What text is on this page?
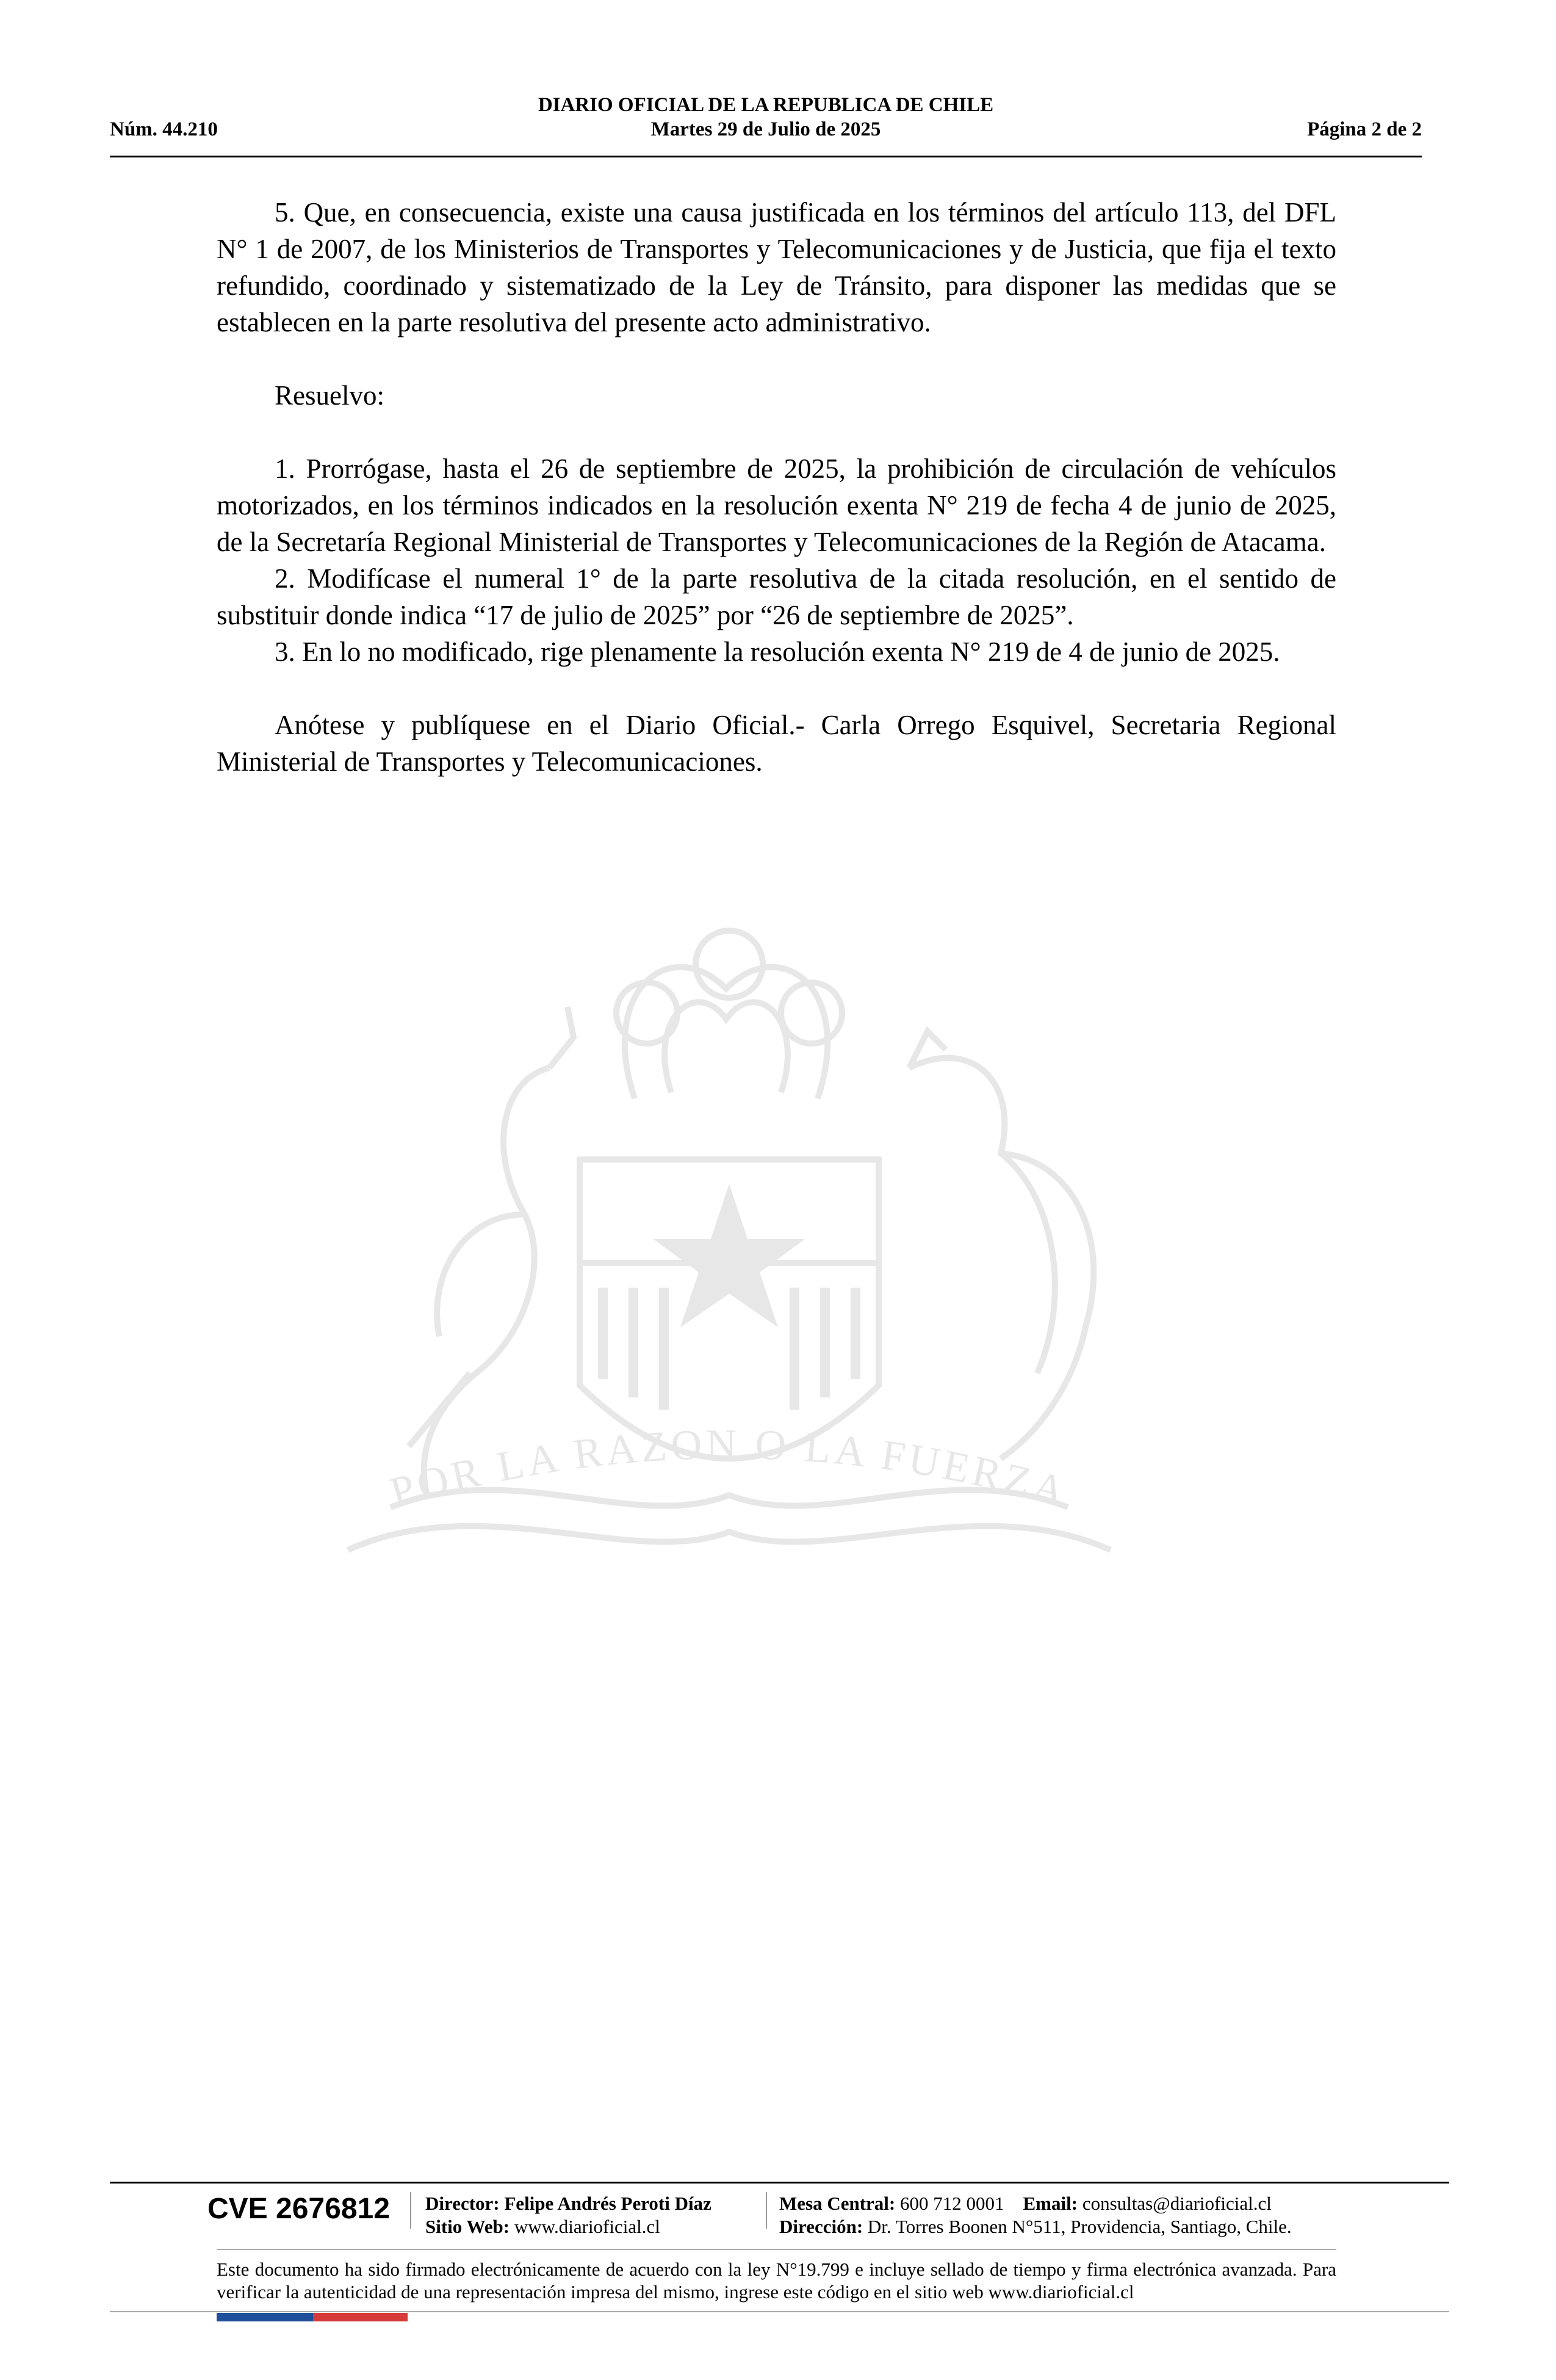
DIARIO OFICIAL DE LA REPUBLICA DE CHILE
Núm. 44.210	Martes 29 de Julio de 2025	Página 2 de 2

5. Que, en consecuencia, existe una causa justificada en los términos del artículo 113, del DFL N° 1 de 2007, de los Ministerios de Transportes y Telecomunicaciones y de Justicia, que fija el texto refundido, coordinado y sistematizado de la Ley de Tránsito, para disponer las medidas que se establecen en la parte resolutiva del presente acto administrativo.

Resuelvo:

1. Prorrógase, hasta el 26 de septiembre de 2025, la prohibición de circulación de vehículos motorizados, en los términos indicados en la resolución exenta N° 219 de fecha 4 de junio de 2025, de la Secretaría Regional Ministerial de Transportes y Telecomunicaciones de la Región de Atacama.

2. Modifícase el numeral 1° de la parte resolutiva de la citada resolución, en el sentido de substituir donde indica “17 de julio de 2025” por “26 de septiembre de 2025”.

3. En lo no modificado, rige plenamente la resolución exenta N° 219 de 4 de junio de 2025.

Anótese y publíquese en el Diario Oficial.- Carla Orrego Esquivel, Secretaria Regional Ministerial de Transportes y Telecomunicaciones.

POR LA RAZON O LA FUERZA
CVE 2676812 Director: Felipe Andrés Peroti Díaz
Sitio Web: www.diarioficial.cl
Mesa Central: 600 712 0001 Email: consultas@diarioficial.cl
Dirección: Dr. Torres Boonen N°511, Providencia, Santiago, Chile.
Este documento ha sido firmado electrónicamente de acuerdo con la ley N°19.799 e incluye sellado de tiempo y firma electrónica avanzada. Para verificar la autenticidad de una representación impresa del mismo, ingrese este código en el sitio web www.diarioficial.cl
